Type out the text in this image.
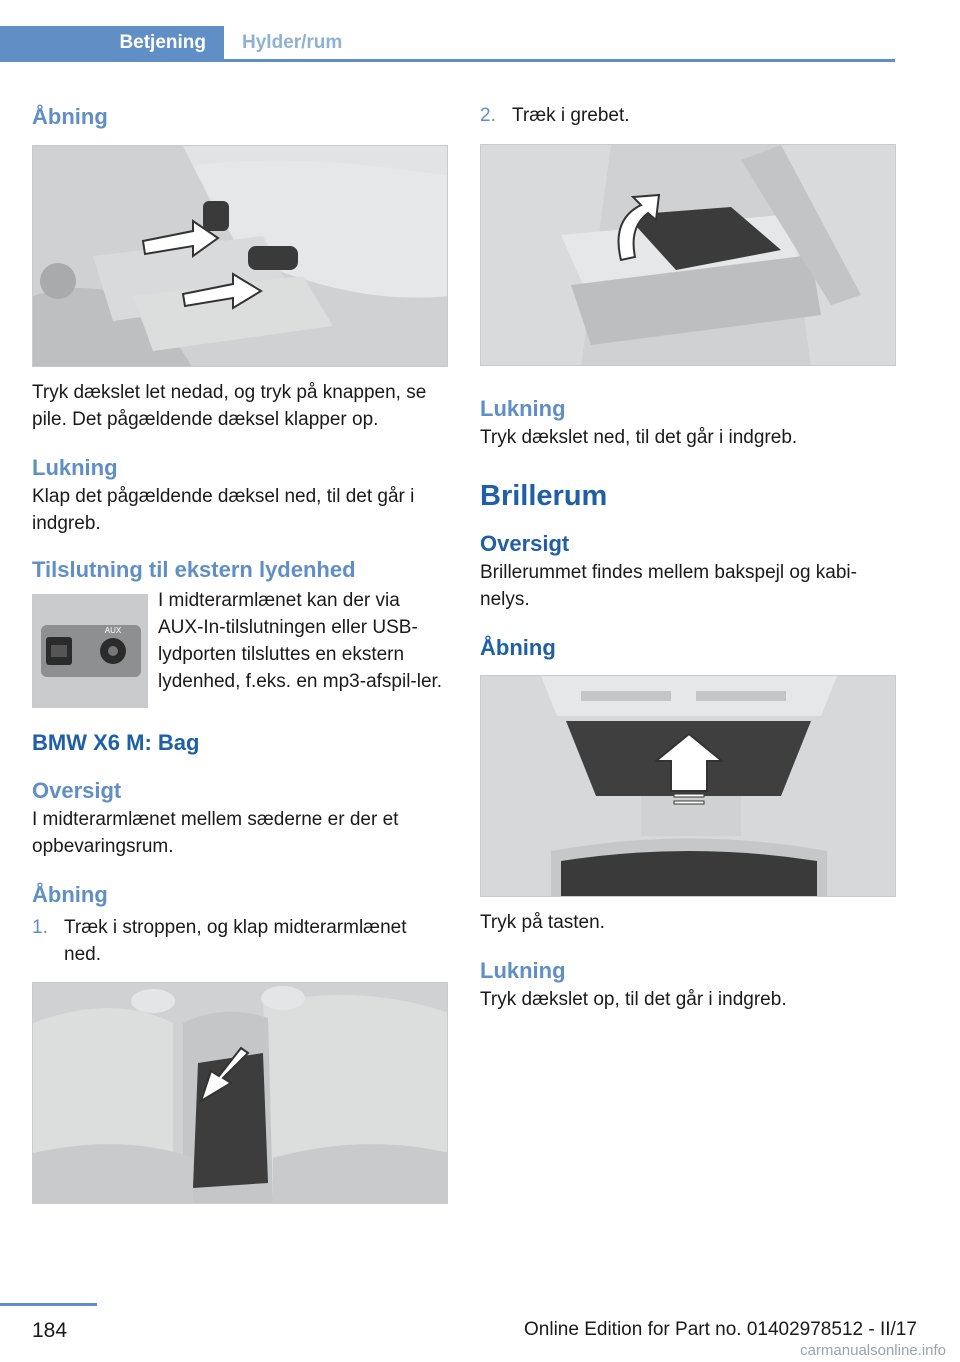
Betjening	Hylder/rum
Åbning
Tryk dækslet let nedad, og tryk på knappen, se pile. Det pågældende dæksel klapper op.
Lukning
Klap det pågældende dæksel ned, til det går i indgreb.
Tilslutning til ekstern lydenhed
AUX
I midterarmlænet kan der via AUX-In-tilslutningen eller USB-lydporten tilsluttes en ekstern lydenhed, f.eks. en mp3-afspil-ler.
BMW X6 M: Bag
Oversigt
I midterarmlænet mellem sæderne er der et opbevaringsrum.
Åbning
1. Træk i stroppen, og klap midterarmlænet ned.
2. Træk i grebet.
Lukning
Tryk dækslet ned, til det går i indgreb.
Brillerum
Oversigt
Brillerummet findes mellem bakspejl og kabi-nelys.
Åbning
Tryk på tasten.
Lukning
Tryk dækslet op, til det går i indgreb.
184	Online Edition for Part no. 01402978512 - II/17
carmanualsonline.info
